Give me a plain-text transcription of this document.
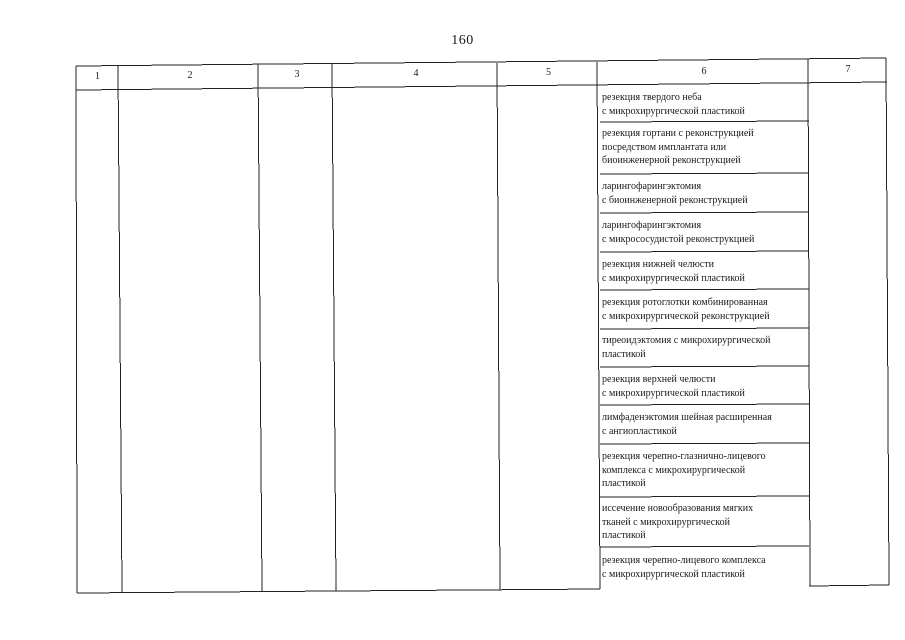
160
1	2	3	4	5	6	7
резекция твердого неба
с микрохирургической пластикой
резекция гортани с реконструкцией
посредством имплантата или
биоинженерной реконструкцией
ларингофарингэктомия
с биоинженерной реконструкцией
ларингофарингэктомия
с микрососудистой реконструкцией
резекция нижней челюсти
с микрохирургической пластикой
резекция ротоглотки комбинированная
с микрохирургической реконструкцией
тиреоидэктомия с микрохирургической
пластикой
резекция верхней челюсти
с микрохирургической пластикой
лимфаденэктомия шейная расширенная
с ангиопластикой
резекция черепно-глазнично-лицевого
комплекса с микрохирургической
пластикой
иссечение новообразования мягких
тканей с микрохирургической
пластикой
резекция черепно-лицевого комплекса
с микрохирургической пластикой
